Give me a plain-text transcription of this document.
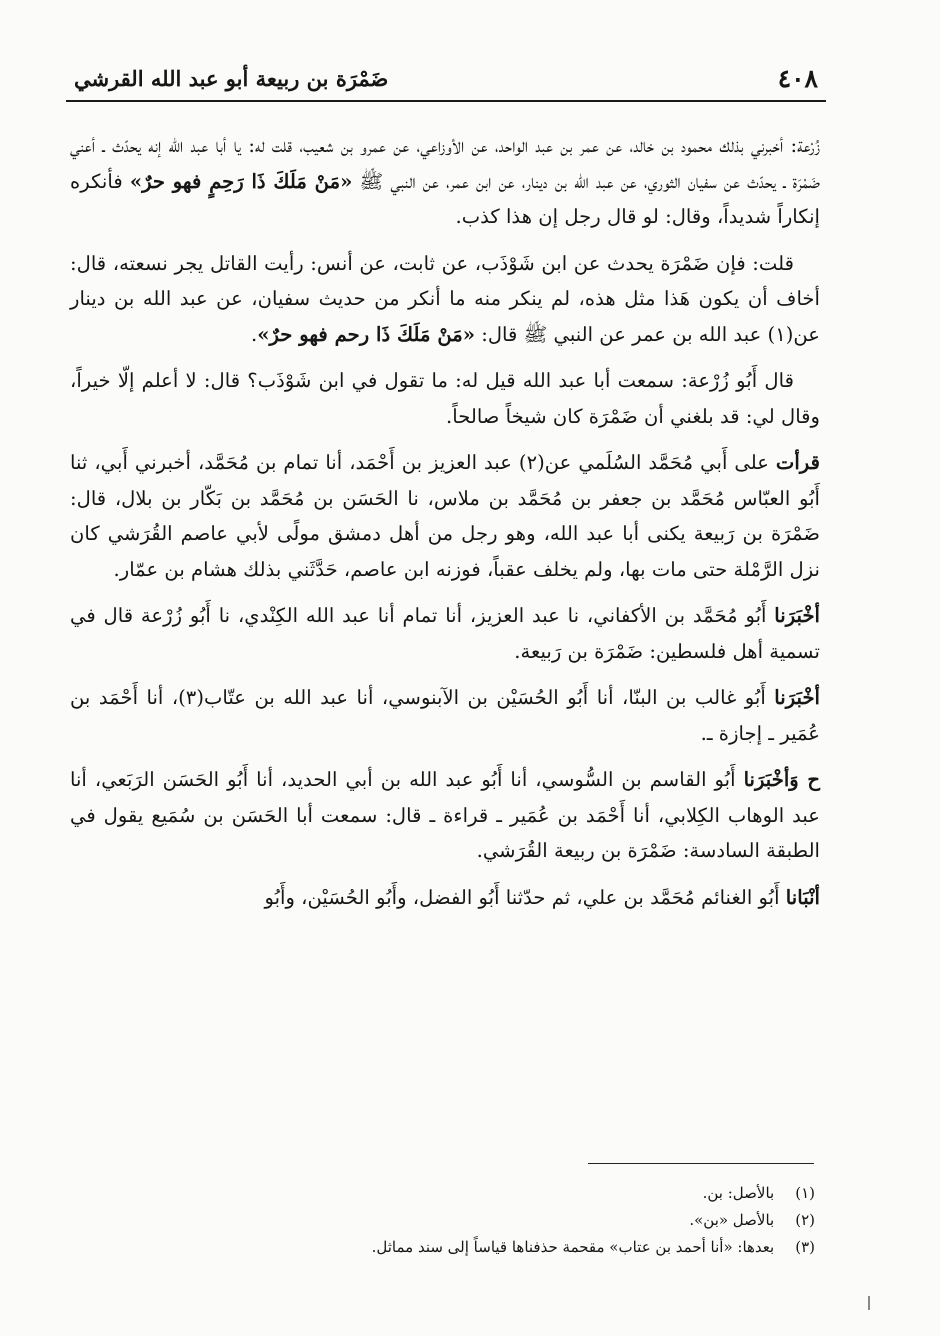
٤٠٨
ضَمْرَة بن ربيعة أبو عبد الله القرشي

زُرْعة: أخبرني بذلك محمود بن خالد، عن عمر بن عبد الواحد، عن الأوزاعي، عن عمرو بن شعيب، قلت له: يا أبا عبد الله إنه يحدّث ـ أعني ضَمْرَة ـ يحدّث عن سفيان الثوري، عن عبد الله بن دينار، عن ابن عمر، عن النبي ﷺ «مَنْ مَلَكَ ذَا رَحِمٍ فهو حرٌ» فأنكره إنكاراً شديداً، وقال: لو قال رجل إن هذا كذب.

قلت: فإن ضَمْرَة يحدث عن ابن شَوْذَب، عن ثابت، عن أنس: رأيت القاتل يجر نسعته، قال: أخاف أن يكون هَذا مثل هذه، لم ينكر منه ما أنكر من حديث سفيان، عن عبد الله بن دينار عن(١) عبد الله بن عمر عن النبي ﷺ قال: «مَنْ مَلَكَ ذَا رحم فهو حرٌ».

قال أَبُو زُرْعة: سمعت أبا عبد الله قيل له: ما تقول في ابن شَوْذَب؟ قال: لا أعلم إلّا خيراً، وقال لي: قد بلغني أن ضَمْرَة كان شيخاً صالحاً.

قرأت على أَبي مُحَمَّد السُلَمي عن(٢) عبد العزيز بن أَحْمَد، أنا تمام بن مُحَمَّد، أخبرني أَبي، ثنا أَبُو العبّاس مُحَمَّد بن جعفر بن مُحَمَّد بن ملاس، نا الحَسَن بن مُحَمَّد بن بَكّار بن بلال، قال: ضَمْرَة بن رَبيعة يكنى أبا عبد الله، وهو رجل من أهل دمشق مولًى لأبي عاصم القُرَشي كان نزل الرَّمْلة حتى مات بها، ولم يخلف عقباً، فوزنه ابن عاصم، حَدَّثَني بذلك هشام بن عمّار.

أخْبَرَنا أَبُو مُحَمَّد بن الأكفاني، نا عبد العزيز، أنا تمام أنا عبد الله الكِنْدي، نا أَبُو زُرْعة قال في تسمية أهل فلسطين: ضَمْرَة بن رَبيعة.

أخْبَرَنا أَبُو غالب بن البنّا، أنا أَبُو الحُسَيْن بن الآبنوسي، أنا عبد الله بن عتّاب(٣)، أنا أَحْمَد بن عُمَير ـ إجازة ـ.

ح وَأخْبَرَنا أَبُو القاسم بن السُّوسي، أنا أَبُو عبد الله بن أبي الحديد، أنا أَبُو الحَسَن الرَبَعي، أنا عبد الوهاب الكِلابي، أنا أَحْمَد بن عُمَير ـ قراءة ـ قال: سمعت أبا الحَسَن بن سُمَيع يقول في الطبقة السادسة: ضَمْرَة بن ربيعة القُرَشي.

أنْبَانا أَبُو الغنائم مُحَمَّد بن علي، ثم حدّثنا أَبُو الفضل، وأَبُو الحُسَيْن، وأَبُو

(١) بالأصل: بن.

(٢) بالأصل «بن».

(٣) بعدها: «أنا أحمد بن عتاب» مقحمة حذفناها قياساً إلى سند مماثل.
